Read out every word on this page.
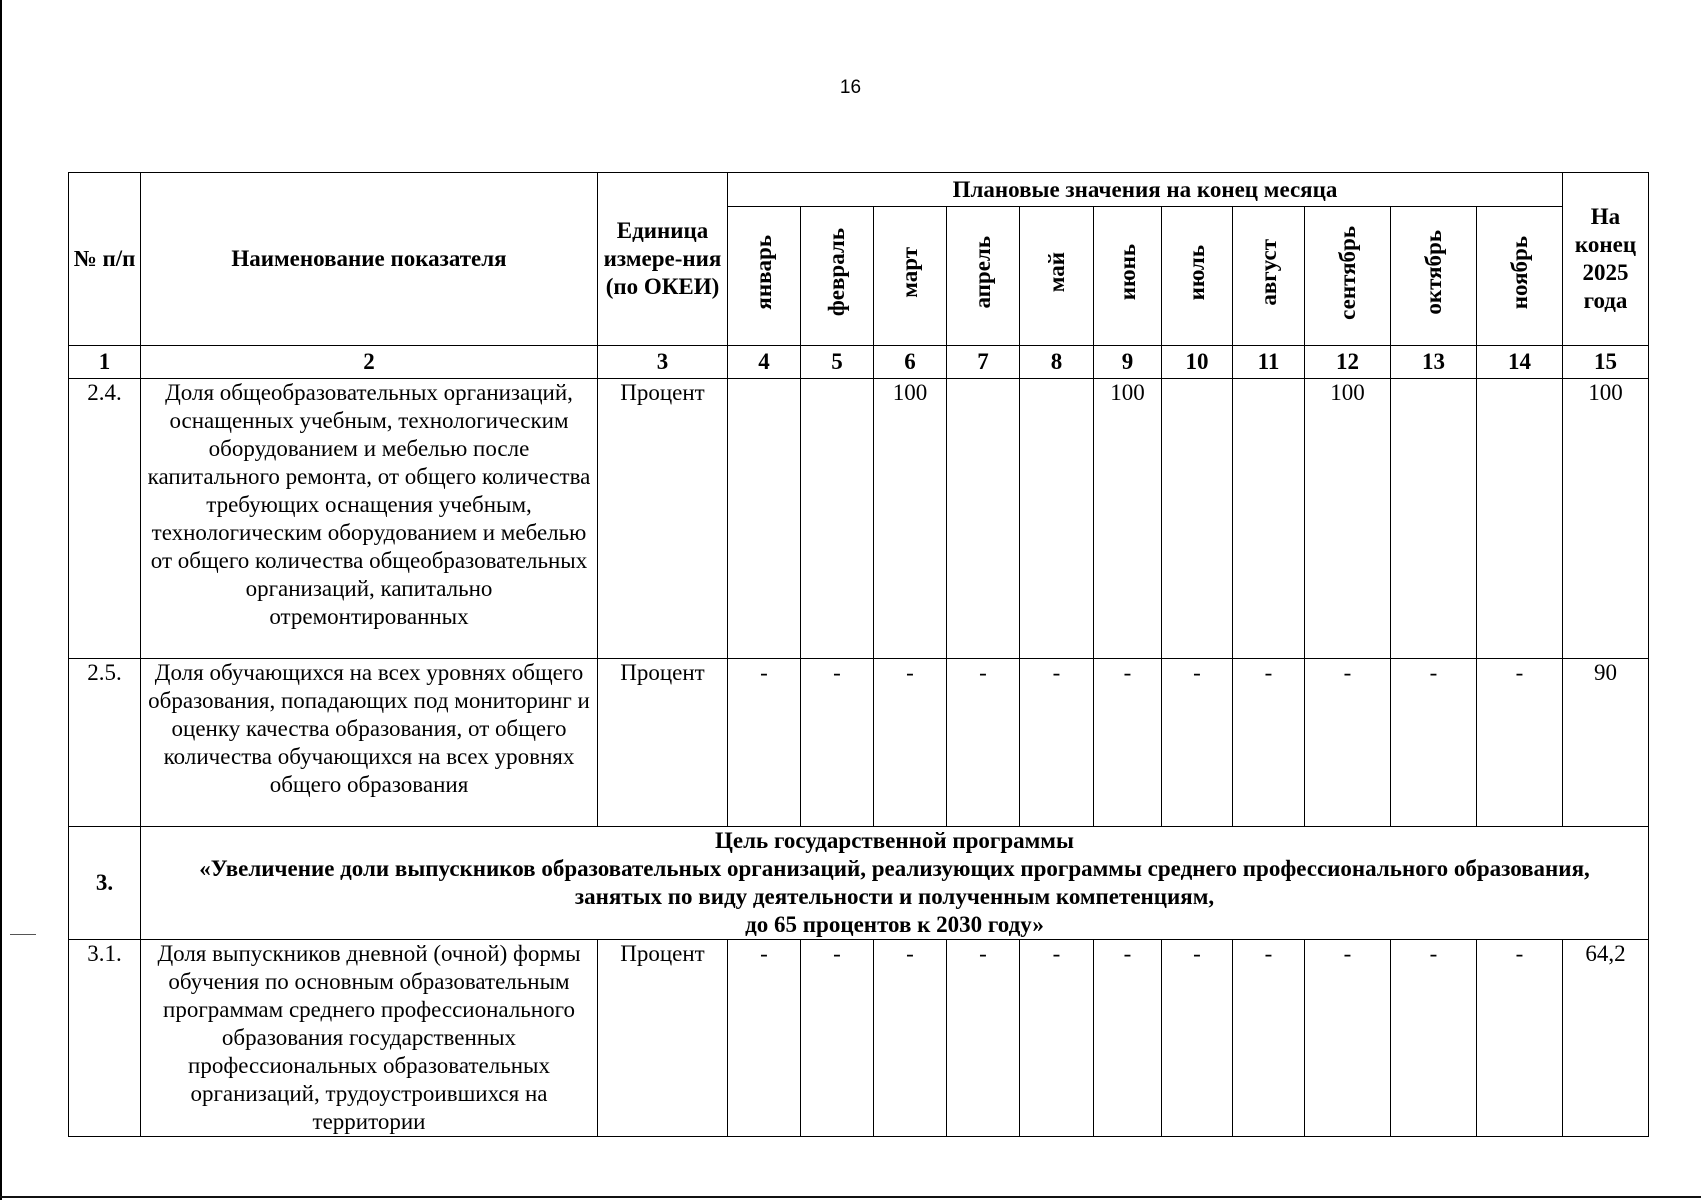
16
№ п/п	Наименование показателя	Единица измере-ния (по ОКЕИ)	Плановые значения на конец месяца											На конец 2025 года
			январь	февраль	март	апрель	май	июнь	июль	август	сентябрь	октябрь	ноябрь	
1	2	3	4	5	6	7	8	9	10	11	12	13	14	15
2.4.	Доля общеобразовательных организаций, оснащенных учебным, технологическим оборудованием и мебелью после капитального ремонта, от общего количества требующих оснащения учебным, технологическим оборудованием и мебелью от общего количества общеобразовательных организаций, капитально отремонтированных	Процент			100			100			100			100
2.5.	Доля обучающихся на всех уровнях общего образования, попадающих под мониторинг и оценку качества образования, от общего количества обучающихся на всех уровнях общего образования	Процент	-	-	-	-	-	-	-	-	-	-	-	90
3.	Цель государственной программы
«Увеличение доли выпускников образовательных организаций, реализующих программы среднего профессионального образования,
занятых по виду деятельности и полученным компетенциям,
до 65 процентов к 2030 году»													

3.1.	Доля выпускников дневной (очной) формы обучения по основным образовательным программам среднего профессионального образования государственных профессиональных образовательных организаций, трудоустроившихся на территории	Процент	-	-	-	-	-	-	-	-	-	-	-	64,2
